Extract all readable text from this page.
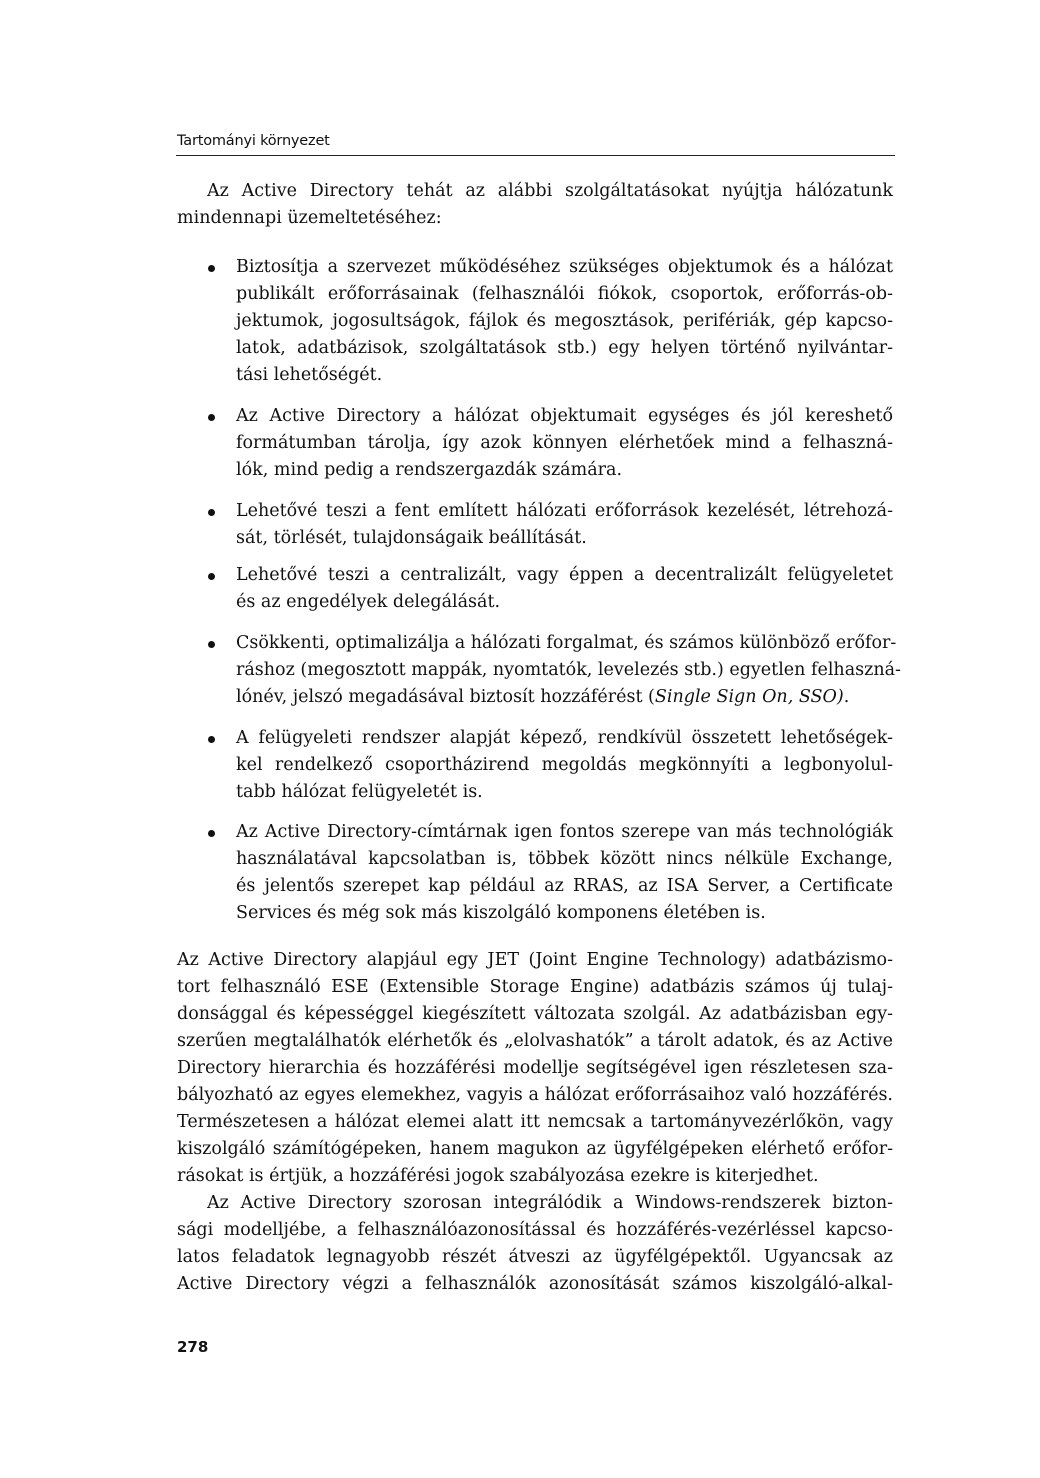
Tartományi környezet
Az Active Directory tehát az alábbi szolgáltatásokat nyújtja hálózatunk
mindennapi üzemeltetéséhez:
Biztosítja a szervezet működéséhez szükséges objektumok és a hálózat
publikált erőforrásainak (felhasználói fiókok, csoportok, erőforrás-ob-
jektumok, jogosultságok, fájlok és megosztások, perifériák, gép kapcso-
latok, adatbázisok, szolgáltatások stb.) egy helyen történő nyilvántar-
tási lehetőségét.
Az Active Directory a hálózat objektumait egységes és jól kereshető
formátumban tárolja, így azok könnyen elérhetőek mind a felhaszná-
lók, mind pedig a rendszergazdák számára.
Lehetővé teszi a fent említett hálózati erőforrások kezelését, létrehozá-
sát, törlését, tulajdonságaik beállítását.
Lehetővé teszi a centralizált, vagy éppen a decentralizált felügyeletet
és az engedélyek delegálását.
Csökkenti, optimalizálja a hálózati forgalmat, és számos különböző erőfor-
ráshoz (megosztott mappák, nyomtatók, levelezés stb.) egyetlen felhaszná-
lónév, jelszó megadásával biztosít hozzáférést (Single Sign On, SSO).
A felügyeleti rendszer alapját képező, rendkívül összetett lehetőségek-
kel rendelkező csoportházirend megoldás megkönnyíti a legbonyolul-
tabb hálózat felügyeletét is.
Az Active Directory-címtárnak igen fontos szerepe van más technológiák
használatával kapcsolatban is, többek között nincs nélküle Exchange,
és jelentős szerepet kap például az RRAS, az ISA Server, a Certificate
Services és még sok más kiszolgáló komponens életében is.
Az Active Directory alapjául egy JET (Joint Engine Technology) adatbázismo-
tort felhasználó ESE (Extensible Storage Engine) adatbázis számos új tulaj-
donsággal és képességgel kiegészített változata szolgál. Az adatbázisban egy-
szerűen megtalálhatók elérhetők és „elolvashatók” a tárolt adatok, és az Active
Directory hierarchia és hozzáférési modellje segítségével igen részletesen sza-
bályozható az egyes elemekhez, vagyis a hálózat erőforrásaihoz való hozzáférés.
Természetesen a hálózat elemei alatt itt nemcsak a tartományvezérlőkön, vagy
kiszolgáló számítógépeken, hanem magukon az ügyfélgépeken elérhető erőfor-
rásokat is értjük, a hozzáférési jogok szabályozása ezekre is kiterjedhet.
Az Active Directory szorosan integrálódik a Windows-rendszerek bizton-
sági modelljébe, a felhasználóazonosítással és hozzáférés-vezérléssel kapcso-
latos feladatok legnagyobb részét átveszi az ügyfélgépektől. Ugyancsak az
Active Directory végzi a felhasználók azonosítását számos kiszolgáló-alkal-
278
